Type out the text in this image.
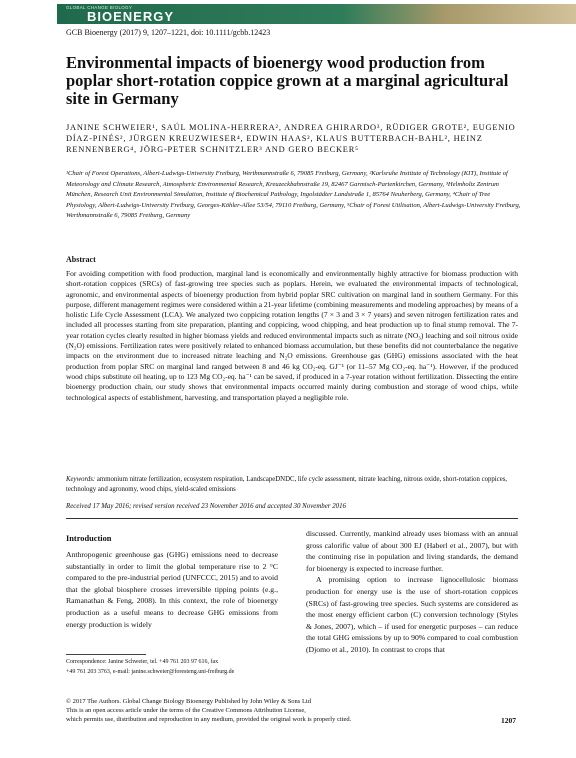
GLOBAL CHANGE BIOLOGY
BIOENERGY
GCB Bioenergy (2017) 9, 1207–1221, doi: 10.1111/gcbb.12423
Environmental impacts of bioenergy wood production from poplar short-rotation coppice grown at a marginal agricultural site in Germany

JANINE SCHWEIER¹, SAÚL MOLINA-HERRERA², ANDREA GHIRARDO³, RÜDIGER GROTE², EUGENIO DÍAZ-PINÉS², JÜRGEN KREUZWIESER⁴, EDWIN HAAS², KLAUS BUTTERBACH-BAHL², HEINZ RENNENBERG⁴, JÖRG-PETER SCHNITZLER³ AND GERO BECKER⁵

¹Chair of Forest Operations, Albert-Ludwigs-University Freiburg, Werthmannstraße 6, 79085 Freiburg, Germany, ²Karlsruhe Institute of Technology (KIT), Institute of Meteorology and Climate Research, Atmospheric Environmental Research, Kreuzeckbahnstraße 19, 82467 Garmisch-Partenkirchen, Germany, ³Helmholtz Zentrum München, Research Unit Environmental Simulation, Institute of Biochemical Pathology, Ingolstädter Landstraße 1, 85764 Neuherberg, Germany, ⁴Chair of Tree Physiology, Albert-Ludwigs-University Freiburg, Georges-Köhler-Allee 53/54, 79110 Freiburg, Germany, ⁵Chair of Forest Utilisation, Albert-Ludwigs-University Freiburg, Werthmannstraße 6, 79085 Freiburg, Germany

Abstract

For avoiding competition with food production, marginal land is economically and environmentally highly attractive for biomass production with short-rotation coppices (SRCs) of fast-growing tree species such as poplars. Herein, we evaluated the environmental impacts of technological, agronomic, and environmental aspects of bioenergy production from hybrid poplar SRC cultivation on marginal land in southern Germany. For this purpose, different management regimes were considered within a 21-year lifetime (combining measurements and modeling approaches) by means of a holistic Life Cycle Assessment (LCA). We analyzed two coppicing rotation lengths (7 × 3 and 3 × 7 years) and seven nitrogen fertilization rates and included all processes starting from site preparation, planting and coppicing, wood chipping, and heat production up to final stump removal. The 7-year rotation cycles clearly resulted in higher biomass yields and reduced environmental impacts such as nitrate (NO₃) leaching and soil nitrous oxide (N₂O) emissions. Fertilization rates were positively related to enhanced biomass accumulation, but these benefits did not counterbalance the negative impacts on the environment due to increased nitrate leaching and N₂O emissions. Greenhouse gas (GHG) emissions associated with the heat production from poplar SRC on marginal land ranged between 8 and 46 kg CO₂-eq. GJ⁻¹ (or 11–57 Mg CO₂-eq. ha⁻¹). However, if the produced wood chips substitute oil heating, up to 123 Mg CO₂-eq. ha⁻¹ can be saved, if produced in a 7-year rotation without fertilization. Dissecting the entire bioenergy production chain, our study shows that environmental impacts occurred mainly during combustion and storage of wood chips, while technological aspects of establishment, harvesting, and transportation played a negligible role.

Keywords: ammonium nitrate fertilization, ecosystem respiration, LandscapeDNDC, life cycle assessment, nitrate leaching, nitrous oxide, short-rotation coppices, technology and agronomy, wood chips, yield-scaled emissions

Received 17 May 2016; revised version received 23 November 2016 and accepted 30 November 2016

Introduction

Anthropogenic greenhouse gas (GHG) emissions need to decrease substantially in order to limit the global temperature rise to 2 °C compared to the pre-industrial period (UNFCCC, 2015) and to avoid that the global biosphere crosses irreversible tipping points (e.g., Ramanathan & Feng, 2008). In this context, the role of bioenergy production as a useful means to decrease GHG emissions from energy production is widely

discussed. Currently, mankind already uses biomass with an annual gross calorific value of about 300 EJ (Haberl et al., 2007), but with the continuing rise in population and living standards, the demand for bioenergy is expected to increase further.

A promising option to increase lignocellulosic biomass production for energy use is the use of short-rotation coppices (SRCs) of fast-growing tree species. Such systems are considered as the most energy efficient carbon (C) conversion technology (Styles & Jones, 2007), which – if used for energetic purposes – can reduce the total GHG emissions by up to 90% compared to coal combustion (Djomo et al., 2010). In contrast to crops that

Correspondence: Janine Schweier, tel. +49 761 203 97 616, fax
+49 761 203 3763, e-mail: janine.schweier@foresteng.uni-freiburg.de

© 2017 The Authors. Global Change Biology Bioenergy Published by John Wiley & Sons Ltd
This is an open access article under the terms of the Creative Commons Attribution License,
which permits use, distribution and reproduction in any medium, provided the original work is properly cited.	1207
